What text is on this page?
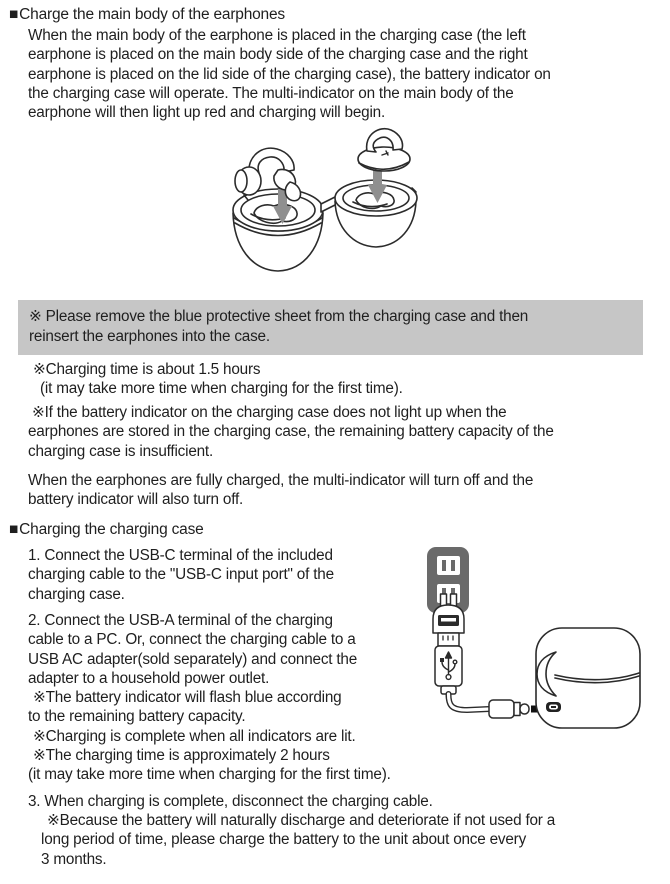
■Charge the main body of the earphones
When the main body of the earphone is placed in the charging case (the left
earphone is placed on the main body side of the charging case and the right
earphone is placed on the lid side of the charging case), the battery indicator on
the charging case will operate. The multi-indicator on the main body of the
earphone will then light up red and charging will begin.
※ Please remove the blue protective sheet from the charging case and then
reinsert the earphones into the case.
※Charging time is about 1.5 hours
(it may take more time when charging for the first time).
※If the battery indicator on the charging case does not light up when the
earphones are stored in the charging case, the remaining battery capacity of the
charging case is insufficient.
When the earphones are fully charged, the multi-indicator will turn off and the
battery indicator will also turn off.
■Charging the charging case
1. Connect the USB-C terminal of the included
charging cable to the "USB-C input port" of the
charging case.
2. Connect the USB-A terminal of the charging
cable to a PC. Or, connect the charging cable to a
USB AC adapter(sold separately) and connect the
adapter to a household power outlet.
※The battery indicator will flash blue according
to the remaining battery capacity.
※Charging is complete when all indicators are lit.
※The charging time is approximately 2 hours
(it may take more time when charging for the first time).
3. When charging is complete, disconnect the charging cable.
※Because the battery will naturally discharge and deteriorate if not used for a
long period of time, please charge the battery to the unit about once every
3 months.
